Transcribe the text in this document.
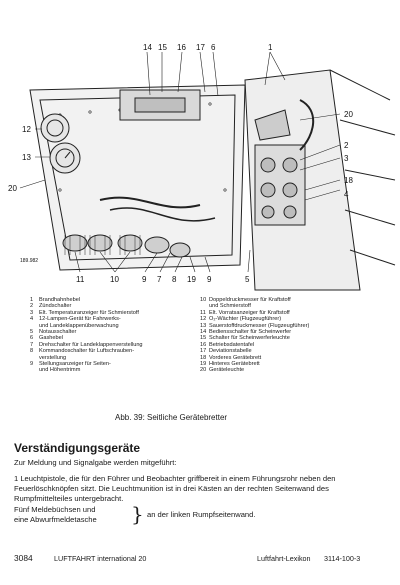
14 15 16 17 6	1
20
2
3
18
4
12
13
20
11	10	9 7 8 19 9	5
189.982
1	Brandhahnhebel
2	Zündschalter
3	Elt. Temperaturanzeiger für Schmierstoff
4	12-Lampen-Gerät für Fahrwerks-
und Landeklappenüberwachung
5	Notausschalter
6	Gashebel
7	Drehschalter für Landeklappenverstellung
8	Kommandoschalter für Luftschrauben-
verstellung
9	Stellungsanzeiger für Seiten-
und Höhentrimm
10 Doppeldruckmesser für Kraftstoff
und Schmierstoff
11 Elt. Vorratsanzeiger für Kraftstoff
12 O₂-Wächter (Flugzeugführer)
13 Sauerstoffdruckmesser (Flugzeugführer)
14 Bediensschalter für Scheinwerfer
15 Schalter für Scheinwerferleuchte
16 Betriebsdatentafel
17 Deviationstabelle
18 Vorderes Gerätebrett
19 Hinteres Gerätebrett
20 Geräteleuchte
Abb. 39: Seitliche Gerätebretter
Verständigungsgeräte
Zur Meldung und Signalgabe werden mitgeführt:
1 Leuchtpistole, die für den Führer und Beobachter griffbereit in einem Führungsrohr neben den Feuerlöschknöpfen sitzt. Die Leuchtmunition ist in drei Kästen an der rechten Seitenwand des Rumpfmittelteiles untergebracht.
Fünf Meldebüchsen und
eine Abwurfmeldetasche } an der linken Rumpfseitenwand.
3084	LUFTFAHRT international 20	Luftfahrt-Lexikon 3114-100-3
